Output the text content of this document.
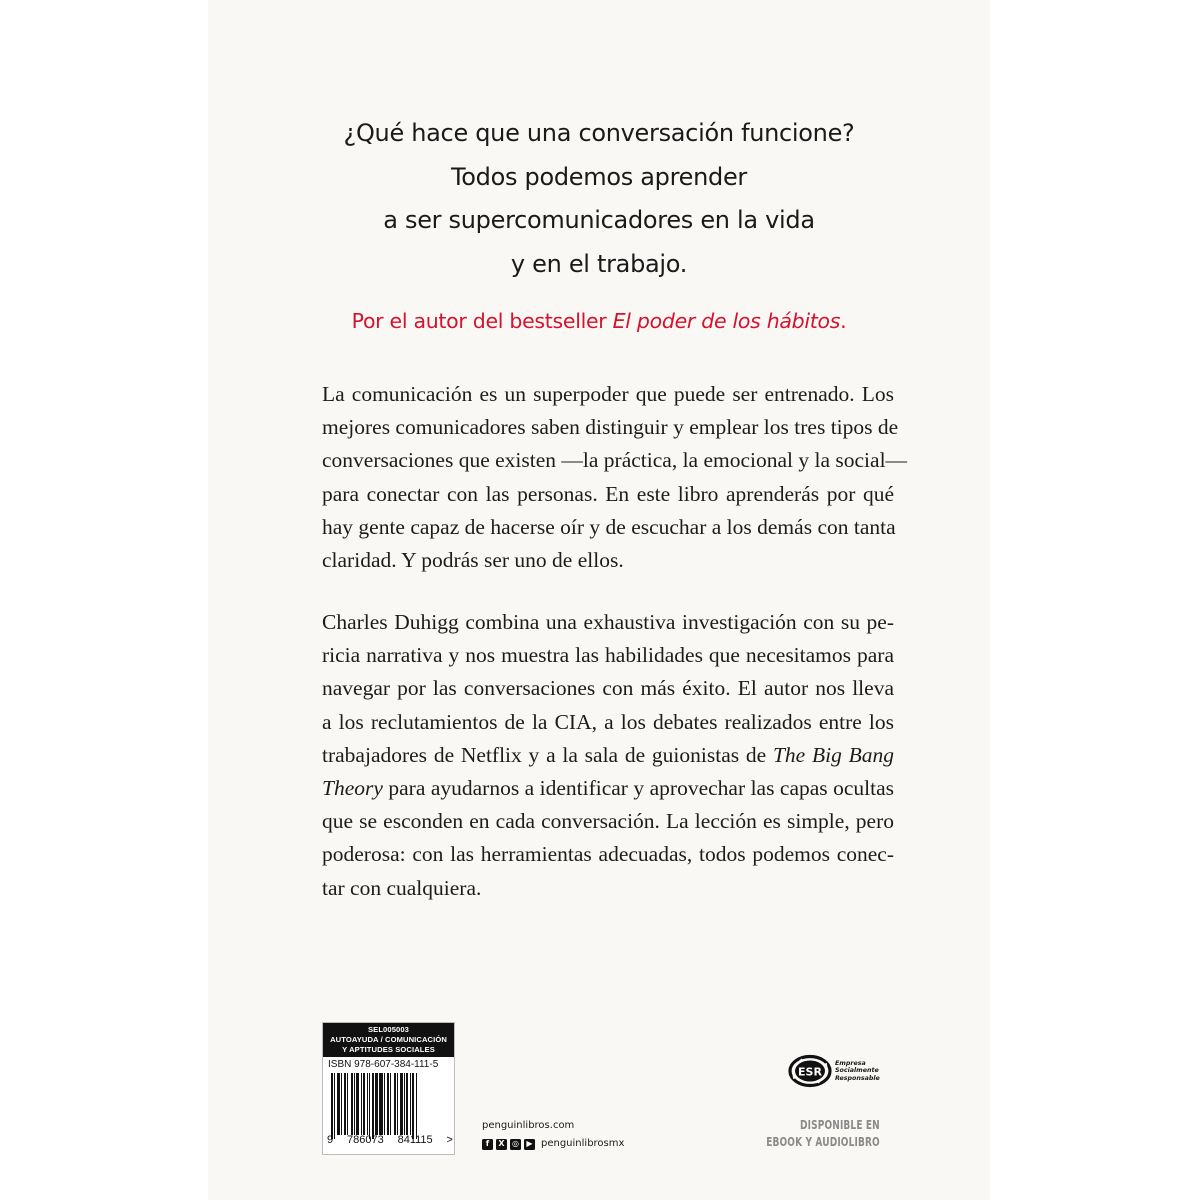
¿Qué hace que una conversación funcione?
Todos podemos aprender
a ser supercomunicadores en la vida
y en el trabajo.
Por el autor del bestseller El poder de los hábitos.
La comunicación es un superpoder que puede ser entrenado. Los
mejores comunicadores saben distinguir y emplear los tres tipos de
conversaciones que existen —la práctica, la emocional y la social—
para conectar con las personas. En este libro aprenderás por qué
hay gente capaz de hacerse oír y de escuchar a los demás con tanta
claridad. Y podrás ser uno de ellos.
Charles Duhigg combina una exhaustiva investigación con su pe-
ricia narrativa y nos muestra las habilidades que necesitamos para
navegar por las conversaciones con más éxito. El autor nos lleva
a los reclutamientos de la CIA, a los debates realizados entre los
trabajadores de Netflix y a la sala de guionistas de The Big Bang
Theory para ayudarnos a identificar y aprovechar las capas ocultas
que se esconden en cada conversación. La lección es simple, pero
poderosa: con las herramientas adecuadas, todos podemos conec-
tar con cualquiera.
SEL005003
AUTOAYUDA / COMUNICACIÓN
Y APTITUDES SOCIALES
ISBN 978-607-384-111-5
9 786073 841115 >
penguinlibros.com
f	X ◎ ▶ penguinlibrosmx
ESR
Empresa
Socialmente
Responsable
DISPONIBLE EN
EBOOK Y AUDIOLIBRO
